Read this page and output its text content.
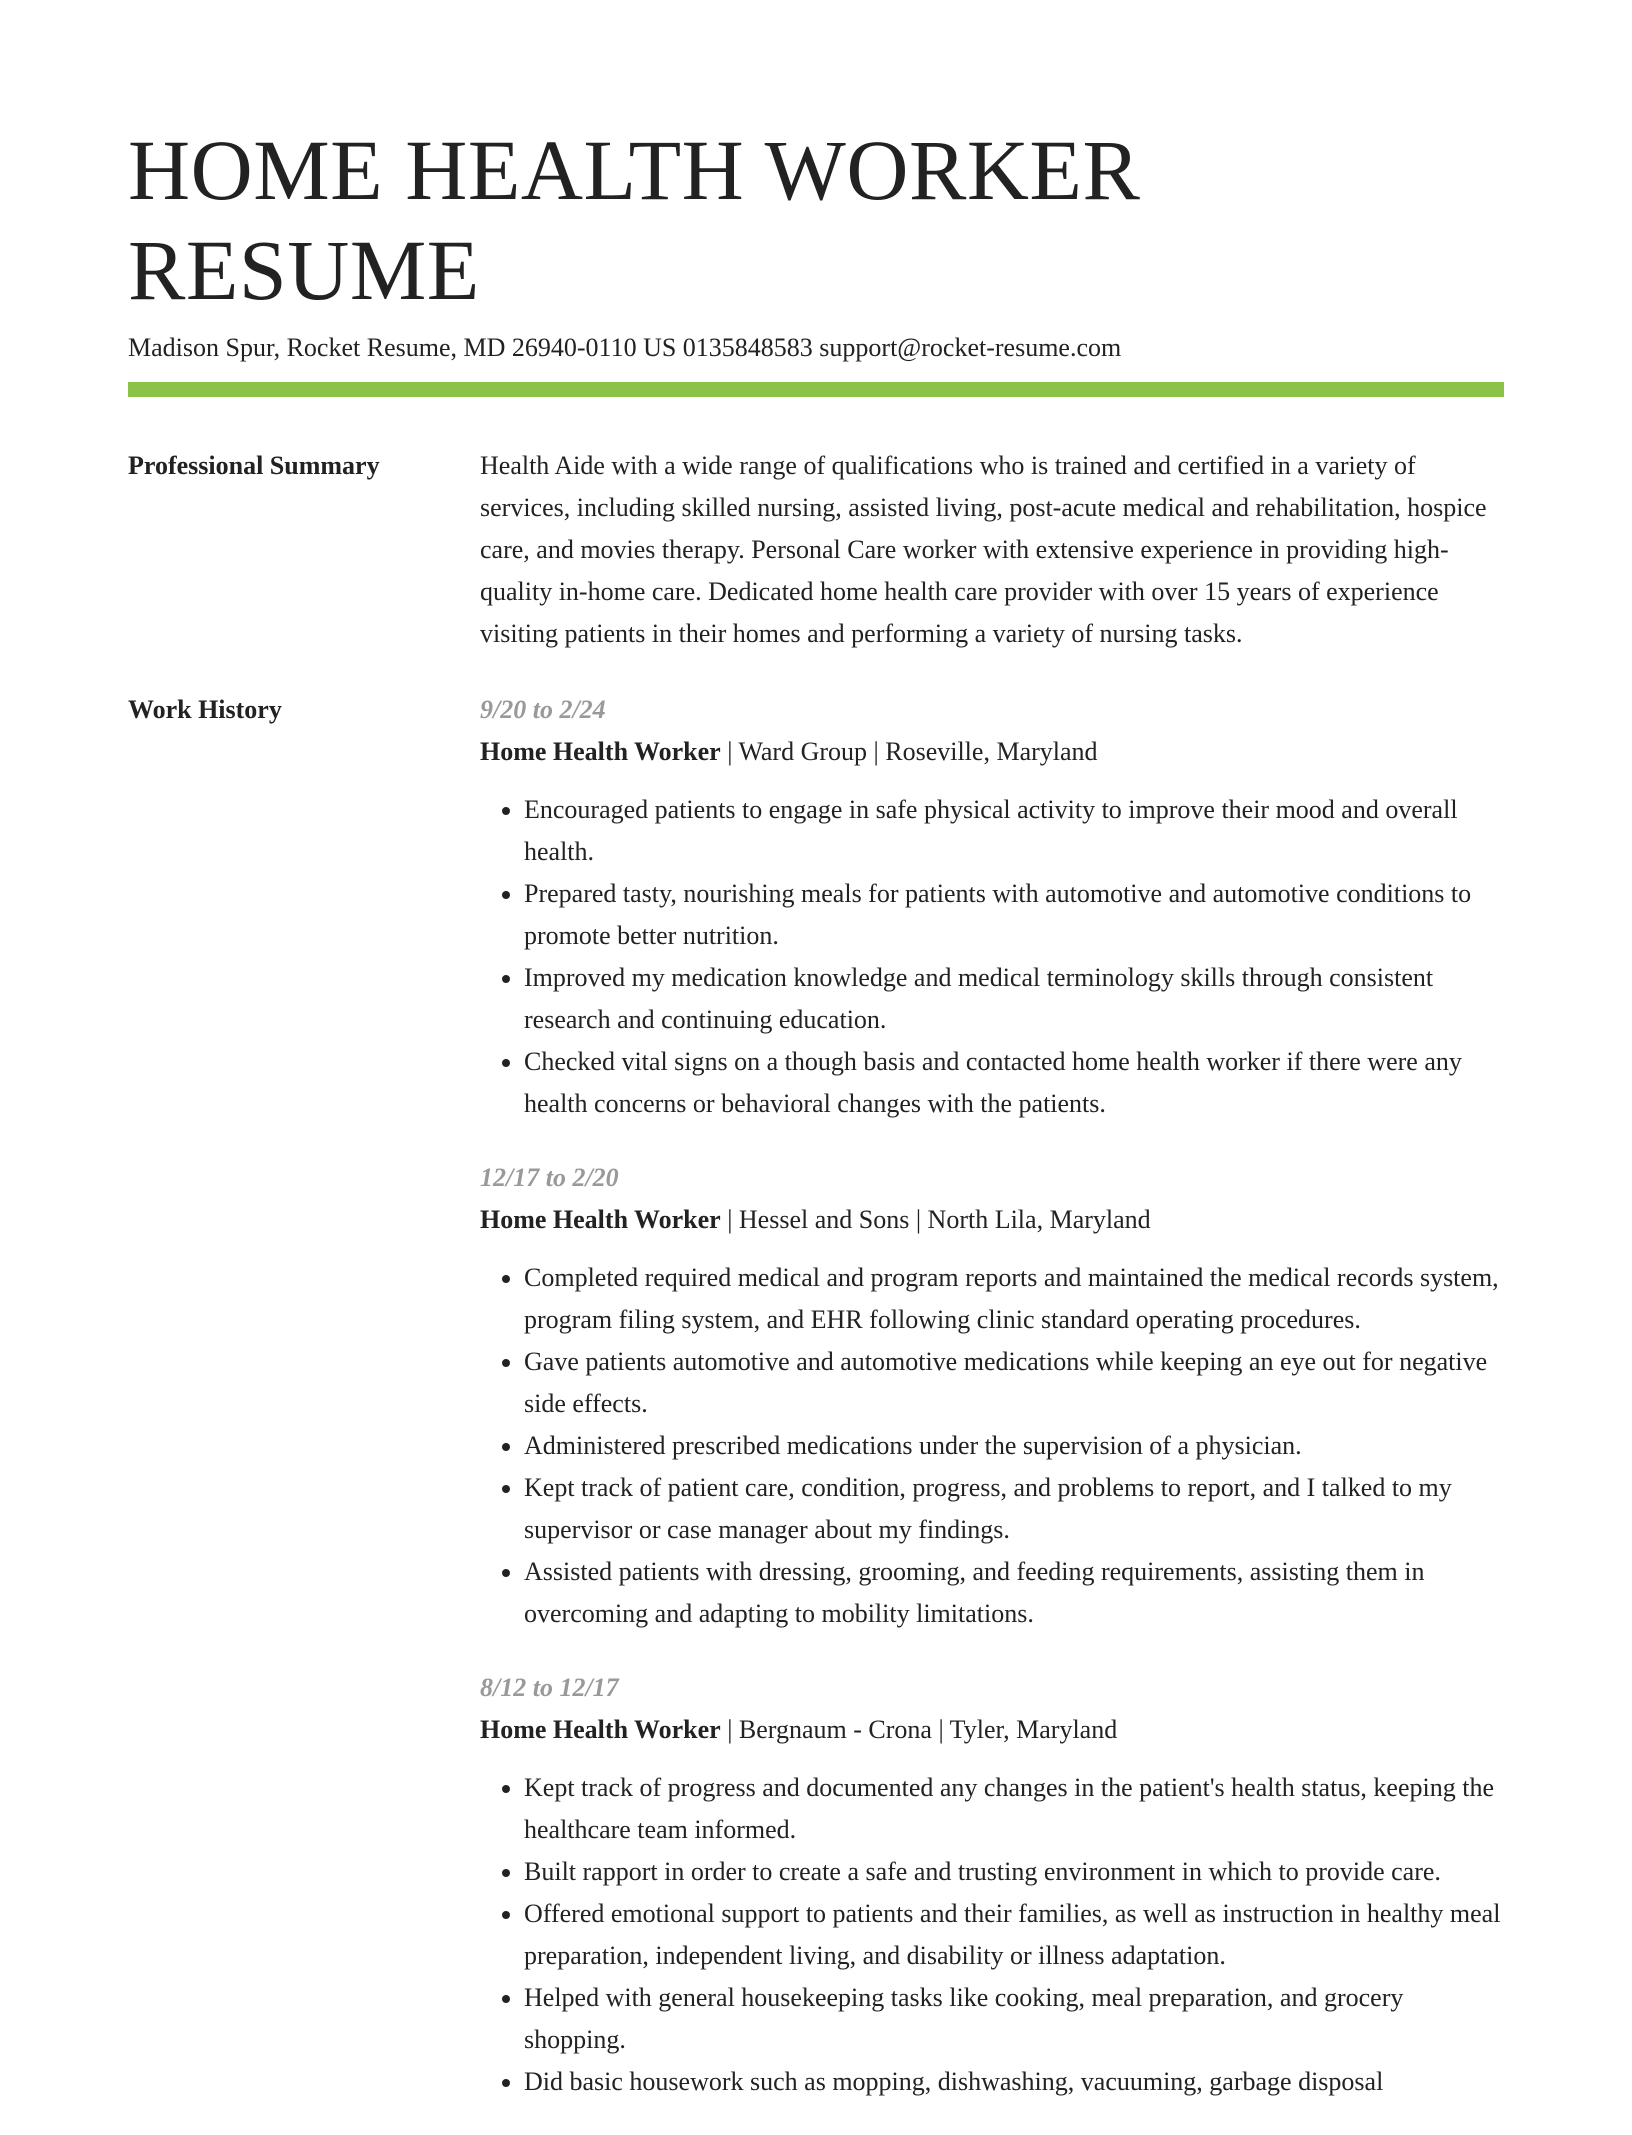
HOME HEALTH WORKER RESUME
Madison Spur, Rocket Resume, MD 26940-0110 US 0135848583 support@rocket-resume.com
Professional Summary	Health Aide with a wide range of qualifications who is trained and certified in a variety of services, including skilled nursing, assisted living, post-acute medical and rehabilitation, hospice care, and movies therapy. Personal Care worker with extensive experience in providing high-quality in-home care. Dedicated home health care provider with over 15 years of experience visiting patients in their homes and performing a variety of nursing tasks.
Work History	9/20 to 2/24
Home Health Worker | Ward Group | Roseville, Maryland
• Encouraged patients to engage in safe physical activity to improve their mood and overall health.
• Prepared tasty, nourishing meals for patients with automotive and automotive conditions to promote better nutrition.
• Improved my medication knowledge and medical terminology skills through consistent research and continuing education.
• Checked vital signs on a though basis and contacted home health worker if there were any health concerns or behavioral changes with the patients.
12/17 to 2/20
Home Health Worker | Hessel and Sons | North Lila, Maryland
• Completed required medical and program reports and maintained the medical records system, program filing system, and EHR following clinic standard operating procedures.
• Gave patients automotive and automotive medications while keeping an eye out for negative side effects.
• Administered prescribed medications under the supervision of a physician.
• Kept track of patient care, condition, progress, and problems to report, and I talked to my supervisor or case manager about my findings.
• Assisted patients with dressing, grooming, and feeding requirements, assisting them in overcoming and adapting to mobility limitations.
8/12 to 12/17
Home Health Worker | Bergnaum - Crona | Tyler, Maryland
• Kept track of progress and documented any changes in the patient's health status, keeping the healthcare team informed.
• Built rapport in order to create a safe and trusting environment in which to provide care.
• Offered emotional support to patients and their families, as well as instruction in healthy meal preparation, independent living, and disability or illness adaptation.
• Helped with general housekeeping tasks like cooking, meal preparation, and grocery shopping.
• Did basic housework such as mopping, dishwashing, vacuuming, garbage disposal
